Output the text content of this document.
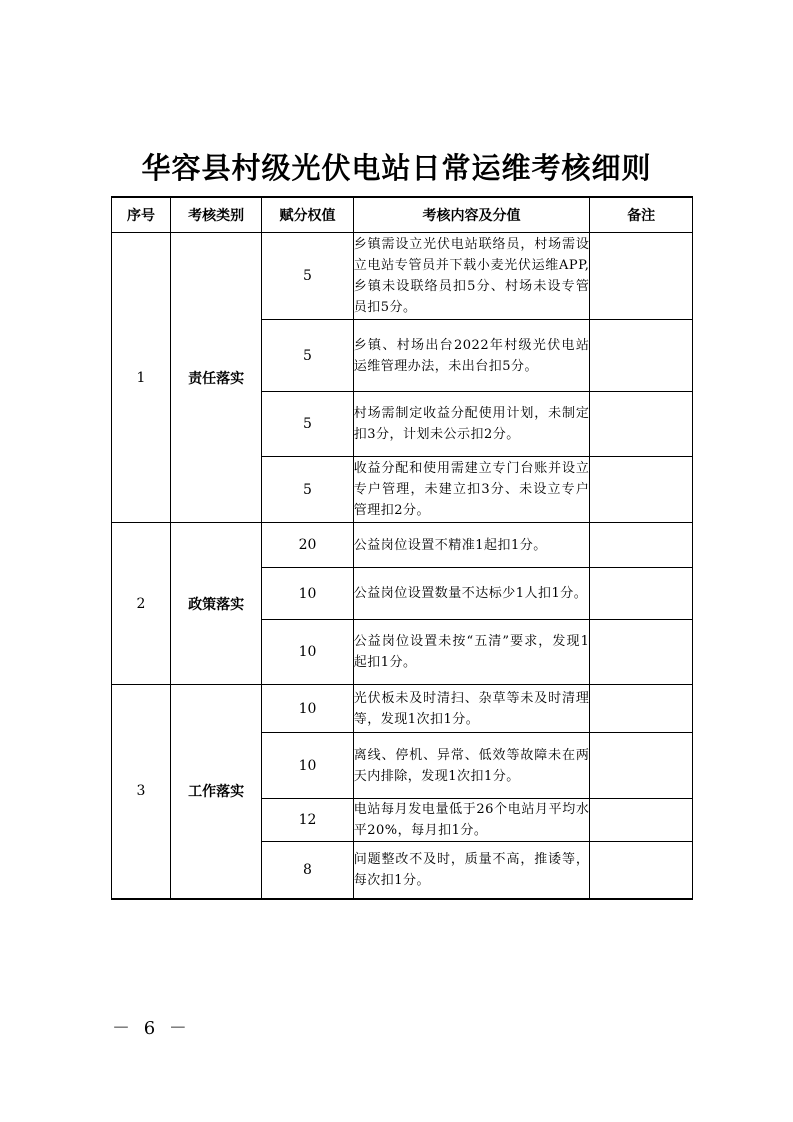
华容县村级光伏电站日常运维考核细则
序号	考核类别	赋分权值	考核内容及分值	备注
1	责任落实	5	乡镇需设立光伏电站联络员，村场需设立电站专管员并下载小麦光伏运维APP,乡镇未设联络员扣5分、村场未设专管员扣5分。	
		5	乡镇、村场出台2022年村级光伏电站运维管理办法，未出台扣5分。	
		5	村场需制定收益分配使用计划，未制定扣3分，计划未公示扣2分。	
		5	收益分配和使用需建立专门台账并设立专户管理，未建立扣3分、未设立专户管理扣2分。	
2	政策落实	20	公益岗位设置不精准1起扣1分。	
		10	公益岗位设置数量不达标少1人扣1分。	
		10	公益岗位设置未按“五清”要求，发现1起扣1分。	
3	工作落实	10	光伏板未及时清扫、杂草等未及时清理等，发现1次扣1分。	
		10	离线、停机、异常、低效等故障未在两天内排除，发现1次扣1分。	
		12	电站每月发电量低于26个电站月平均水平20%，每月扣1分。	
		8	问题整改不及时，质量不高，推诿等，每次扣1分。	
－ 6 －
